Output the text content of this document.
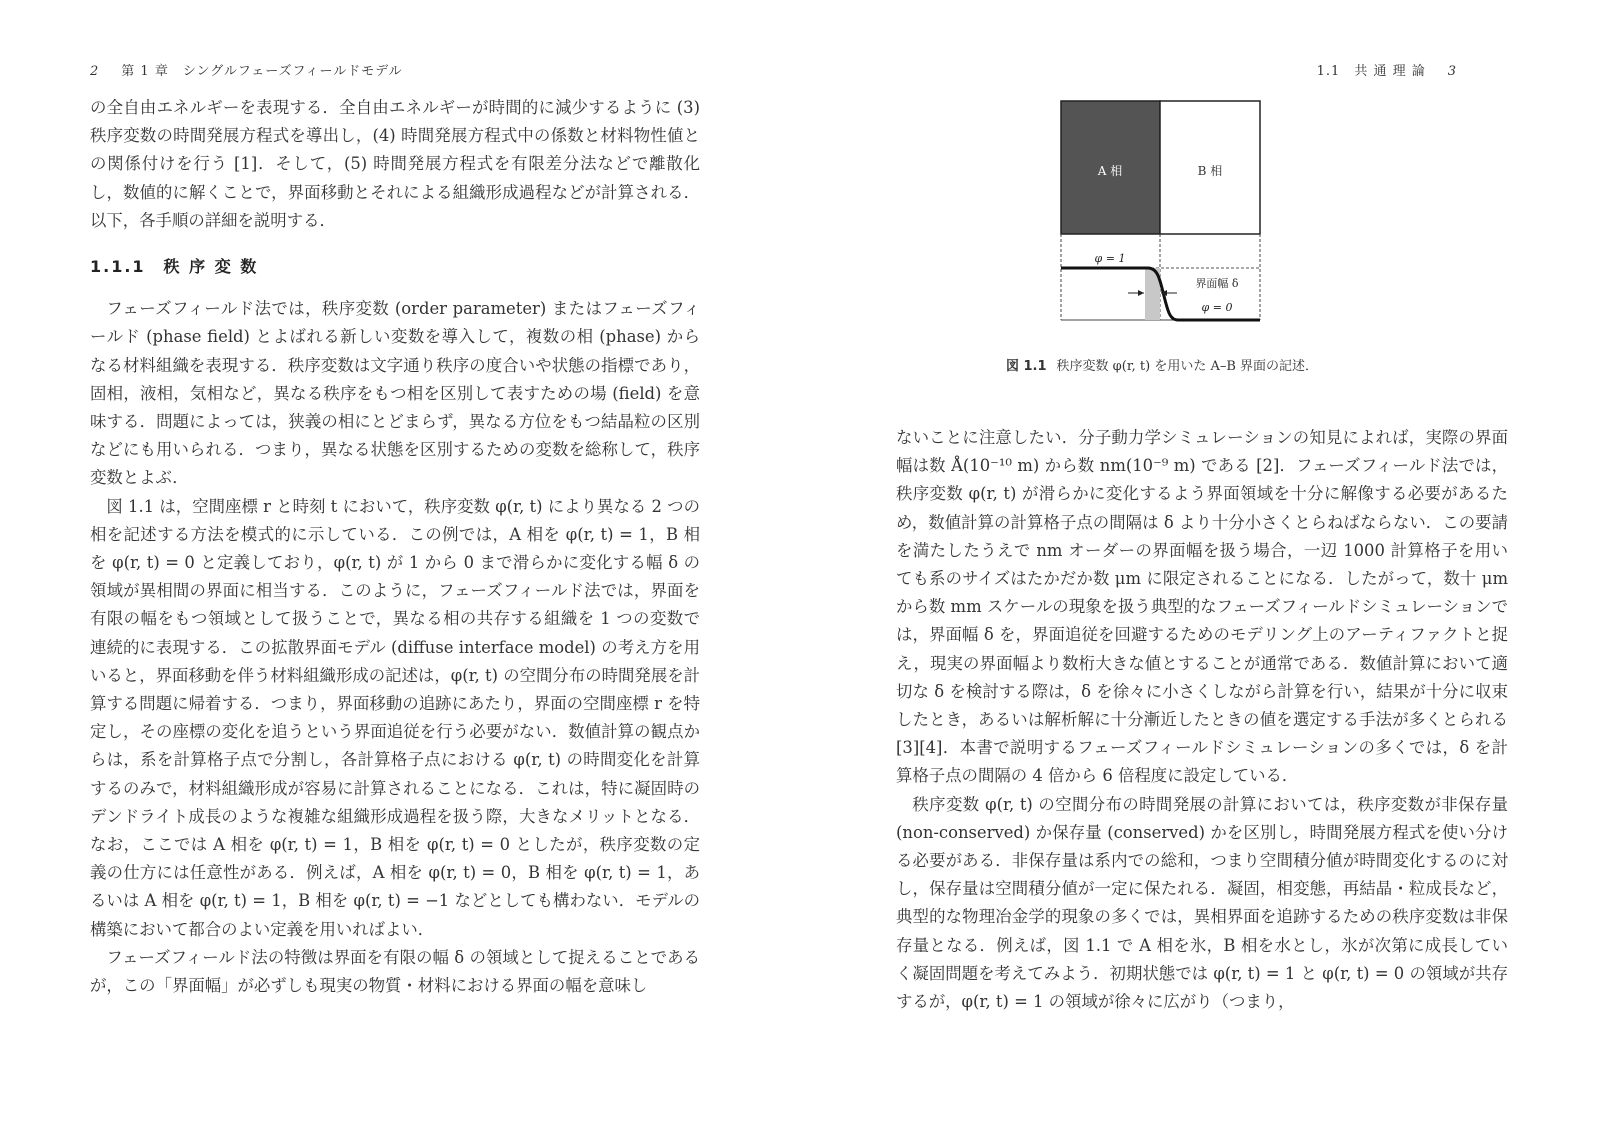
2 第 1 章　シングルフェーズフィールドモデル

の全自由エネルギーを表現する．全自由エネルギーが時間的に減少するように (3) 秩序変数の時間発展方程式を導出し，(4) 時間発展方程式中の係数と材料物性値との関係付けを行う [1]．そして，(5) 時間発展方程式を有限差分法などで離散化し，数値的に解くことで，界面移動とそれによる組織形成過程などが計算される．以下，各手順の詳細を説明する．

1.1.1　秩 序 変 数

フェーズフィールド法では，秩序変数 (order parameter) またはフェーズフィールド (phase field) とよばれる新しい変数を導入して，複数の相 (phase) からなる材料組織を表現する．秩序変数は文字通り秩序の度合いや状態の指標であり，固相，液相，気相など，異なる秩序をもつ相を区別して表すための場 (field) を意味する．問題によっては，狭義の相にとどまらず，異なる方位をもつ結晶粒の区別などにも用いられる．つまり，異なる状態を区別するための変数を総称して，秩序変数とよぶ．

図 1.1 は，空間座標 r と時刻 t において，秩序変数 φ(r, t) により異なる 2 つの相を記述する方法を模式的に示している．この例では，A 相を φ(r, t) = 1，B 相を φ(r, t) = 0 と定義しており，φ(r, t) が 1 から 0 まで滑らかに変化する幅 δ の領域が異相間の界面に相当する．このように，フェーズフィールド法では，界面を有限の幅をもつ領域として扱うことで，異なる相の共存する組織を 1 つの変数で連続的に表現する．この拡散界面モデル (diffuse interface model) の考え方を用いると，界面移動を伴う材料組織形成の記述は，φ(r, t) の空間分布の時間発展を計算する問題に帰着する．つまり，界面移動の追跡にあたり，界面の空間座標 r を特定し，その座標の変化を追うという界面追従を行う必要がない．数値計算の観点からは，系を計算格子点で分割し，各計算格子点における φ(r, t) の時間変化を計算するのみで，材料組織形成が容易に計算されることになる．これは，特に凝固時のデンドライト成長のような複雑な組織形成過程を扱う際，大きなメリットとなる．なお，ここでは A 相を φ(r, t) = 1，B 相を φ(r, t) = 0 としたが，秩序変数の定義の仕方には任意性がある．例えば，A 相を φ(r, t) = 0，B 相を φ(r, t) = 1，あるいは A 相を φ(r, t) = 1，B 相を φ(r, t) = −1 などとしても構わない．モデルの構築において都合のよい定義を用いればよい．

フェーズフィールド法の特徴は界面を有限の幅 δ の領域として捉えることであるが，この「界面幅」が必ずしも現実の物質・材料における界面の幅を意味し

1.1　共 通 理 論 3
A 相	B 相
φ = 1
φ = 0
界面幅 δ
図 1.1 秩序変数 φ(r, t) を用いた A–B 界面の記述．

ないことに注意したい．分子動力学シミュレーションの知見によれば，実際の界面幅は数 Å(10⁻¹⁰ m) から数 nm(10⁻⁹ m) である [2]．フェーズフィールド法では，秩序変数 φ(r, t) が滑らかに変化するよう界面領域を十分に解像する必要があるため，数値計算の計算格子点の間隔は δ より十分小さくとらねばならない．この要請を満たしたうえで nm オーダーの界面幅を扱う場合，一辺 1000 計算格子を用いても系のサイズはたかだか数 μm に限定されることになる．したがって，数十 μm から数 mm スケールの現象を扱う典型的なフェーズフィールドシミュレーションでは，界面幅 δ を，界面追従を回避するためのモデリング上のアーティファクトと捉え，現実の界面幅より数桁大きな値とすることが通常である．数値計算において適切な δ を検討する際は，δ を徐々に小さくしながら計算を行い，結果が十分に収束したとき，あるいは解析解に十分漸近したときの値を選定する手法が多くとられる [3][4]．本書で説明するフェーズフィールドシミュレーションの多くでは，δ を計算格子点の間隔の 4 倍から 6 倍程度に設定している．

秩序変数 φ(r, t) の空間分布の時間発展の計算においては，秩序変数が非保存量 (non-conserved) か保存量 (conserved) かを区別し，時間発展方程式を使い分ける必要がある．非保存量は系内での総和，つまり空間積分値が時間変化するのに対し，保存量は空間積分値が一定に保たれる．凝固，相変態，再結晶・粒成長など，典型的な物理冶金学的現象の多くでは，異相界面を追跡するための秩序変数は非保存量となる．例えば，図 1.1 で A 相を氷，B 相を水とし，氷が次第に成長していく凝固問題を考えてみよう．初期状態では φ(r, t) = 1 と φ(r, t) = 0 の領域が共存するが，φ(r, t) = 1 の領域が徐々に広がり（つまり，
